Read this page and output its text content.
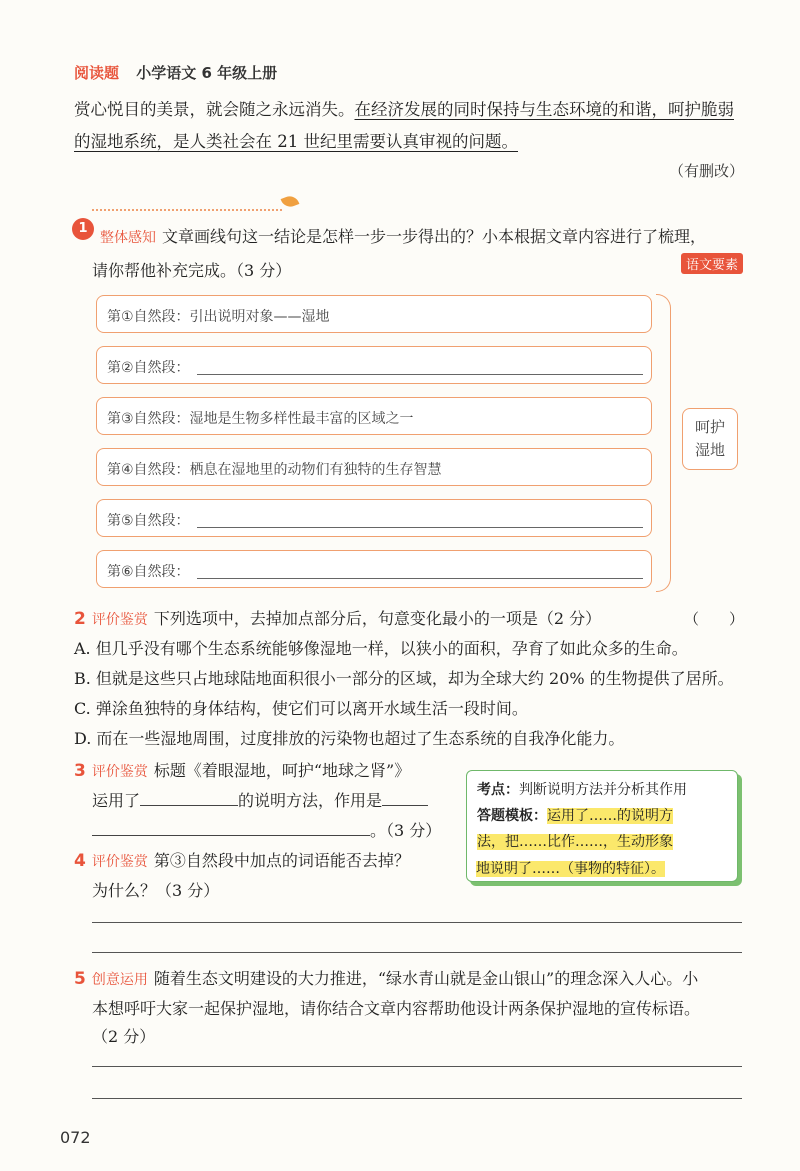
阅读题 小学语文 6 年级上册
赏心悦目的美景，就会随之永远消失。在经济发展的同时保持与生态环境的和谐，呵护脆弱
的湿地系统，是人类社会在 21 世纪里需要认真审视的问题。
（有删改）
1
整体感知 文章画线句这一结论是怎样一步一步得出的？小本根据文章内容进行了梳理，
请你帮他补充完成。（3 分）	语文要素
第①自然段：引出说明对象——湿地
第②自然段：
第③自然段：湿地是生物多样性最丰富的区域之一
第④自然段：栖息在湿地里的动物们有独特的生存智慧
第⑤自然段：
第⑥自然段：
呵护
湿地
2 评价鉴赏 下列选项中，去掉加点部分后，句意变化最小的一项是（2 分）	（　　）
A. 但几乎没有哪个生态系统能够像湿地一样，以狭小的面积，孕育了如此众多的生命。
B. 但就是这些只占地球陆地面积很小一部分的区域，却为全球大约 20% 的生物提供了居所。
C. 弹涂鱼独特的身体结构，使它们可以离开水域生活一段时间。
D. 而在一些湿地周围，过度排放的污染物也超过了生态系统的自我净化能力。
3 评价鉴赏 标题《着眼湿地，呵护“地球之肾”》
运用了	的说明方法，作用是
。（3 分）
考点：判断说明方法并分析其作用
答题模板：运用了……的说明方
法，把……比作……，生动形象
地说明了……（事物的特征）。
4 评价鉴赏 第③自然段中加点的词语能否去掉？
为什么？（3 分）
5 创意运用 随着生态文明建设的大力推进，“绿水青山就是金山银山”的理念深入人心。小
本想呼吁大家一起保护湿地，请你结合文章内容帮助他设计两条保护湿地的宣传标语。
（2 分）
072
